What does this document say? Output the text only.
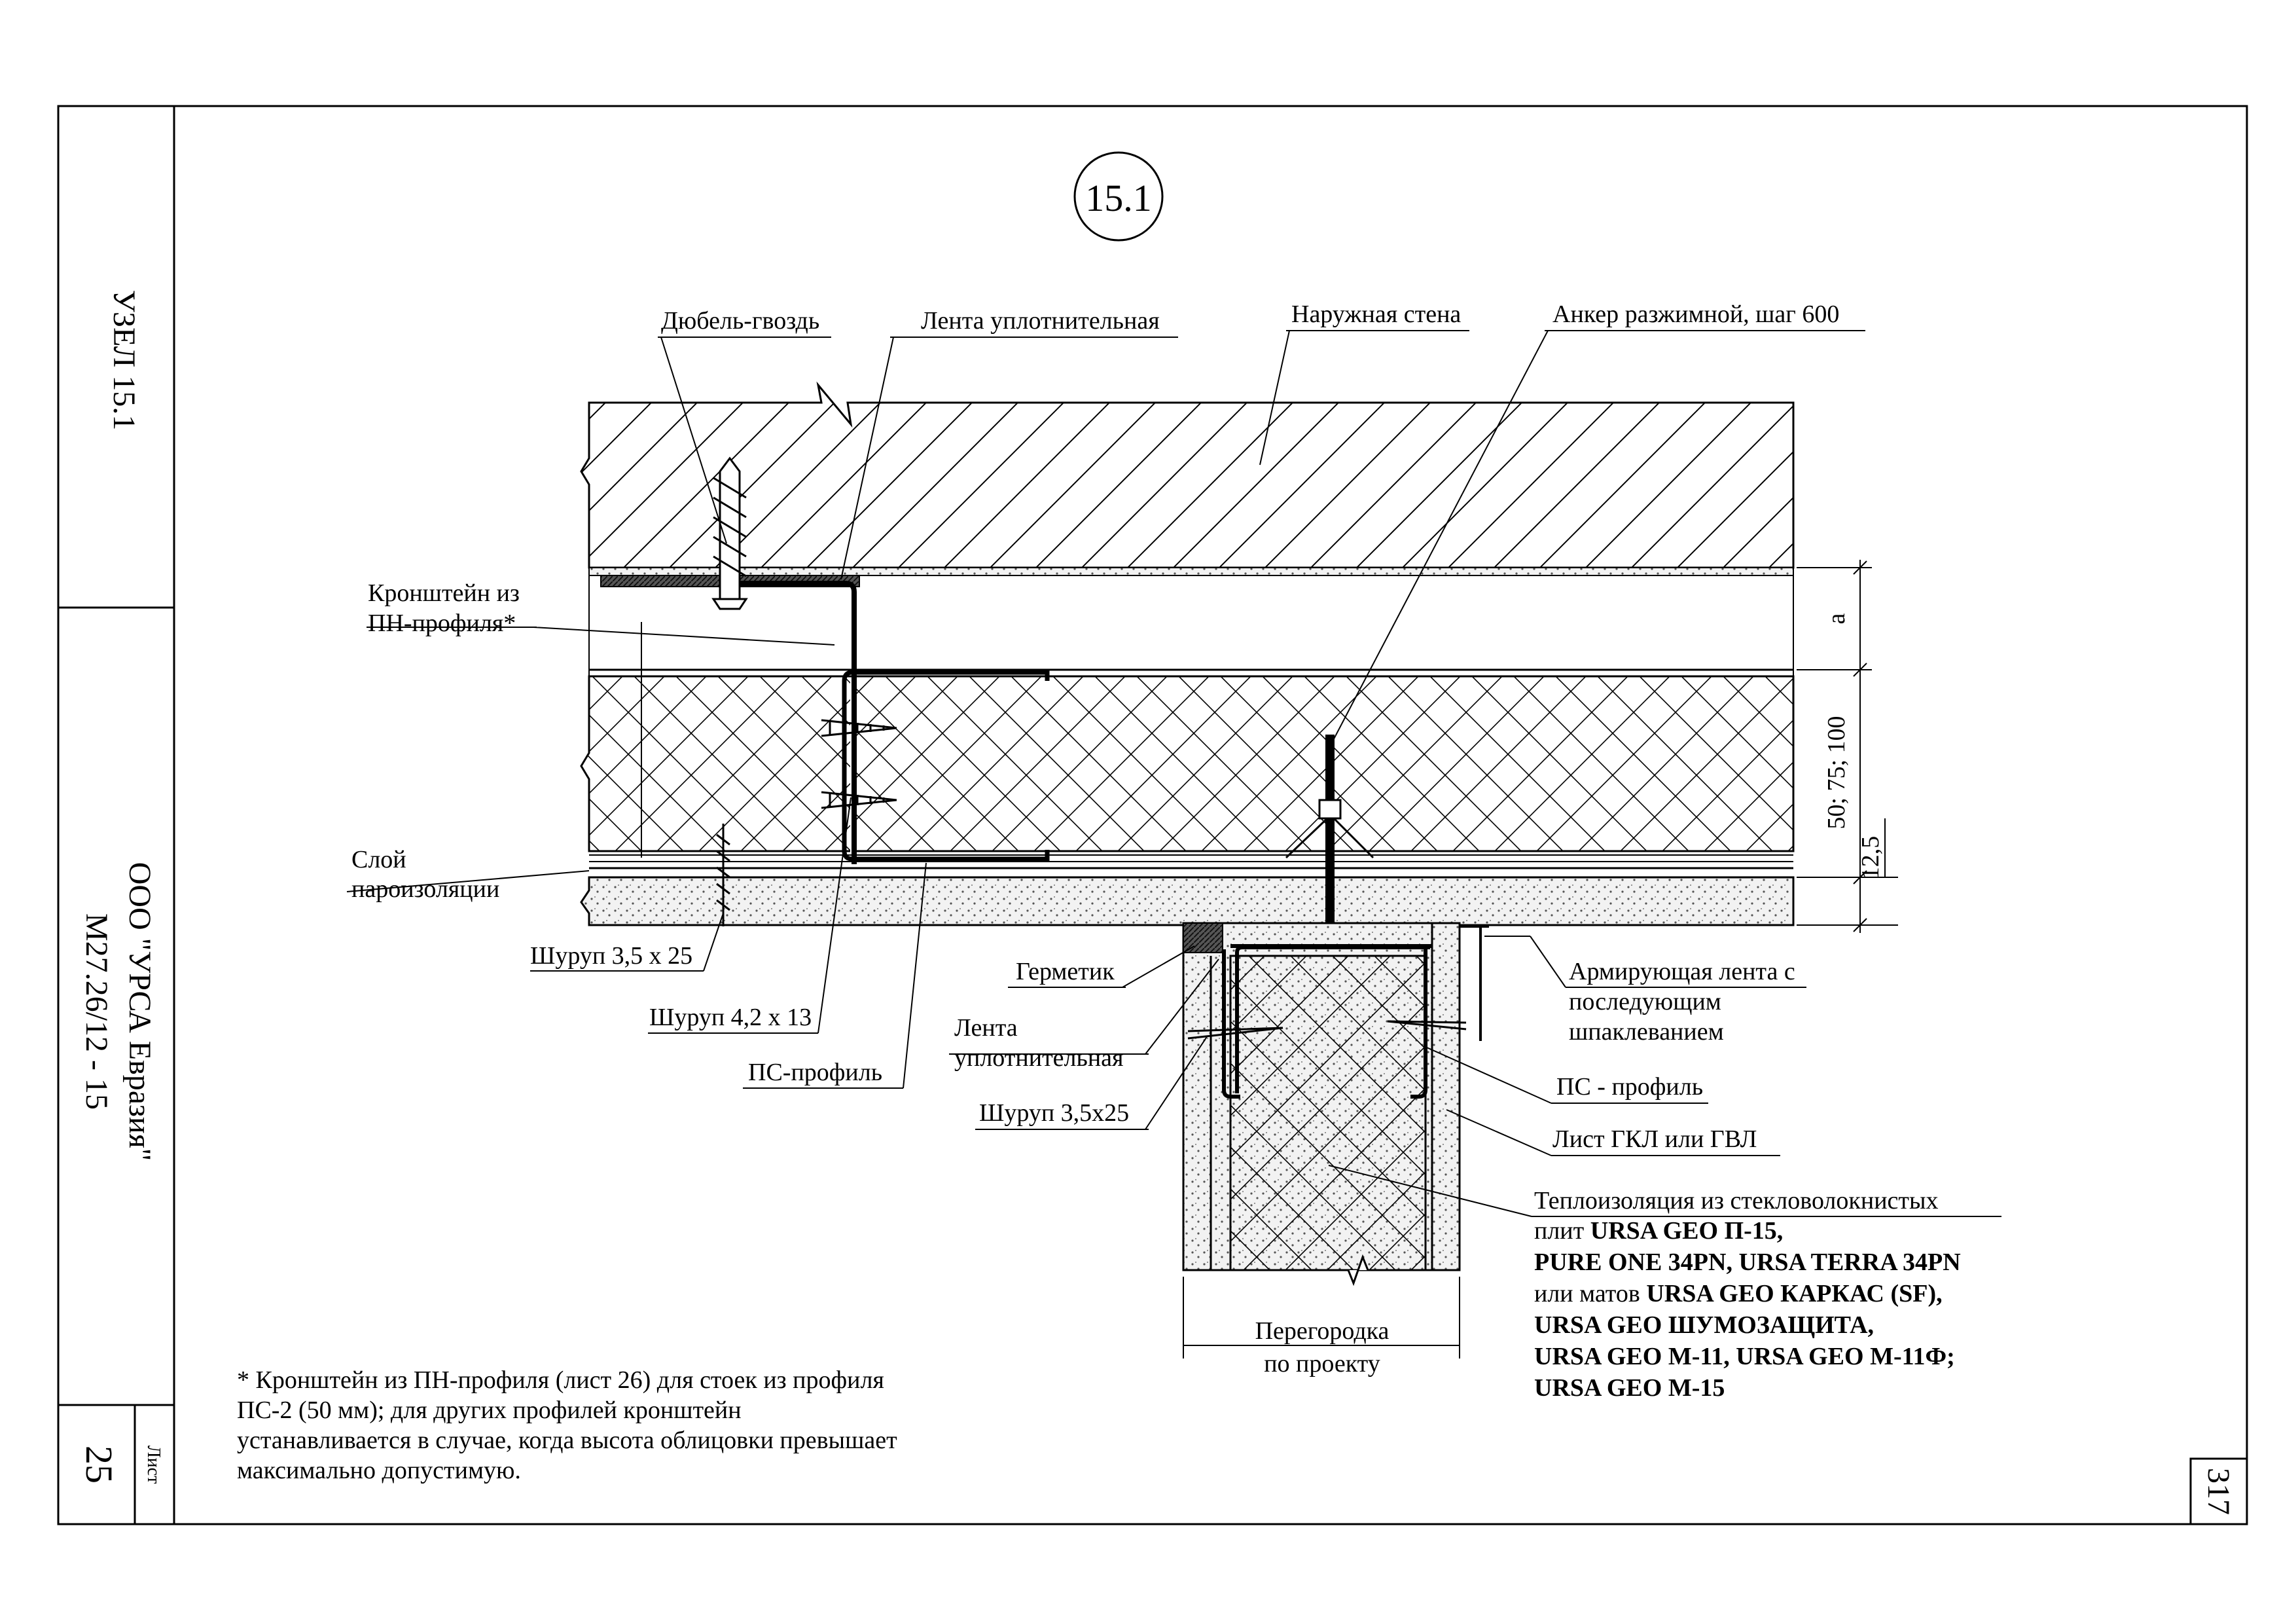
УЗЕЛ 15.1
ООО "УРСА Евразия"
М27.26/12 - 15
25 Лист
317
15.1
a
50; 75; 100
12,5
Дюбель-гвоздь	Лента уплотнительная	Наружная стена	Анкер разжимной, шаг 600
Кронштейн из
ПН-профиля*
Слой
пароизоляции
Шуруп 3,5 х 25
Шуруп 4,2 х 13
ПС-профиль
Герметик
Лента
уплотнительная
Шуруп 3,5х25
Армирующая лента с
последующим
шпаклеванием
ПС - профиль
Лист ГКЛ или ГВЛ
Теплоизоляция из стекловолокнистых
плит URSA GEO П-15,
PURE ONE 34PN, URSA TERRA 34PN
или матов URSA GEO КАРКАС (SF),
URSA GEO ШУМОЗАЩИТА,
URSA GEO М-11, URSA GEO М-11Ф;
URSA GEO М-15
Перегородка
по проекту
* Кронштейн из ПН-профиля (лист 26) для стоек из профиля
ПС-2 (50 мм); для других профилей кронштейн
устанавливается в случае, когда высота облицовки превышает
максимально допустимую.
